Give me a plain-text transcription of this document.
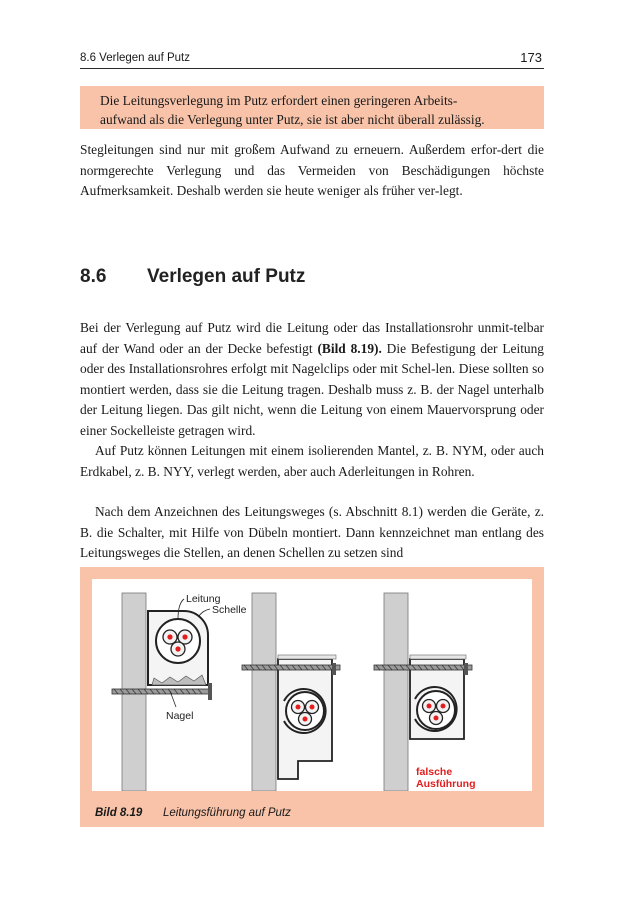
8.6 Verlegen auf Putz	173

Die Leitungsverlegung im Putz erfordert einen geringeren Arbeits-

aufwand als die Verlegung unter Putz, sie ist aber nicht überall zulässig.

Stegleitungen sind nur mit großem Aufwand zu erneuern. Außerdem erfor-dert die normgerechte Verlegung und das Vermeiden von Beschädigungen höchste Aufmerksamkeit. Deshalb werden sie heute weniger als früher ver-legt.

8.6 Verlegen auf Putz

Bei der Verlegung auf Putz wird die Leitung oder das Installationsrohr unmit-telbar auf der Wand oder an der Decke befestigt (Bild 8.19). Die Befestigung der Leitung oder des Installationsrohres erfolgt mit Nagelclips oder mit Schel-len. Diese sollten so montiert werden, dass sie die Leitung tragen. Deshalb muss z. B. der Nagel unterhalb der Leitung liegen. Das gilt nicht, wenn die Leitung von einem Mauervorsprung oder einer Sockelleiste getragen wird.

Auf Putz können Leitungen mit einem isolierenden Mantel, z. B. NYM, oder auch Erdkabel, z. B. NYY, verlegt werden, aber auch Aderleitungen in Rohren.

Nach dem Anzeichnen des Leitungsweges (s. Abschnitt 8.1) werden die Geräte, z. B. die Schalter, mit Hilfe von Dübeln montiert. Dann kennzeichnet man entlang des Leitungsweges die Stellen, an denen Schellen zu setzen sind

Leitung
Schelle
Nagel
falsche
Ausführung
Bild 8.19 Leitungsführung auf Putz
